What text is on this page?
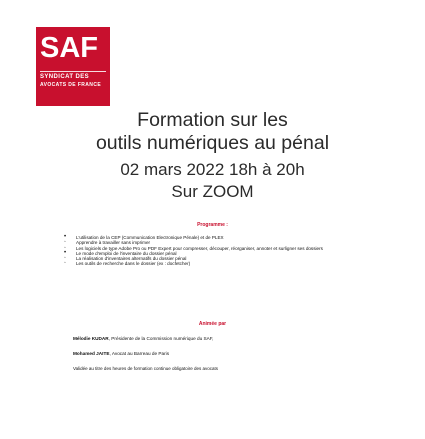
SAF
SYNDICAT DES
AVOCATS DE FRANCE
Formation sur les
outils numériques au pénal
02 mars 2022 18h à 20h
Sur ZOOM
Programme :
• L'utilisation de la CEP (Communication Electronique Pénale) et de PLEX
◦ Apprendre à travailler sans imprimer
◦ Les logiciels de type Adobe Pro ou PDF Expert pour compresser, découper, réorganiser, annoter et surligner ses dossiers
• Le mode d'emploi de l'inventaire du dossier pénal
◦ La réalisation d'inventaires alternatifs du dossier pénal
◦ Les outils de recherche dans le dossier (ex : docfetcher)
Animée par
Mélodie KUDAR, Présidente de la Commission numérique du SAF,
Mohamed JAITE, Avocat au Barreau de Paris
Validée au titre des heures de formation continue obligatoire des avocats
